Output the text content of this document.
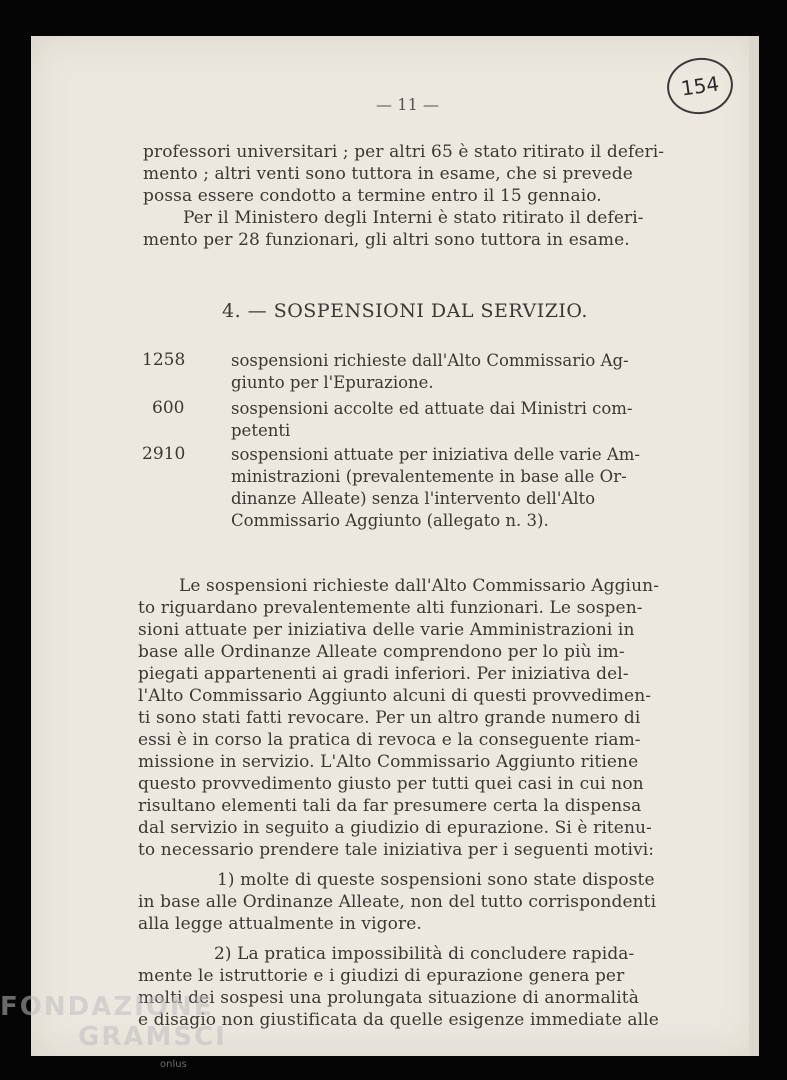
— 11 —
154
professori universitari ; per altri 65 è stato ritirato il deferi-
mento ; altri venti sono tuttora in esame, che si prevede
possa essere condotto a termine entro il 15 gennaio.
Per il Ministero degli Interni è stato ritirato il deferi-
mento per 28 funzionari, gli altri sono tuttora in esame.
4. — SOSPENSIONI DAL SERVIZIO.
1258	sospensioni richieste dall'Alto Commissario Ag- giunto per l'Epurazione.
600	sospensioni accolte ed attuate dai Ministri com- petenti
2910	sospensioni attuate per iniziativa delle varie Am- ministrazioni (prevalentemente in base alle Or- dinanze Alleate) senza l'intervento dell'Alto Commissario Aggiunto (allegato n. 3).
Le sospensioni richieste dall'Alto Commissario Aggiun-
to riguardano prevalentemente alti funzionari. Le sospen-
sioni attuate per iniziativa delle varie Amministrazioni in
base alle Ordinanze Alleate comprendono per lo più im-
piegati appartenenti ai gradi inferiori. Per iniziativa del-
l'Alto Commissario Aggiunto alcuni di questi provvedimen-
ti sono stati fatti revocare. Per un altro grande numero di
essi è in corso la pratica di revoca e la conseguente riam-
missione in servizio. L'Alto Commissario Aggiunto ritiene
questo provvedimento giusto per tutti quei casi in cui non
risultano elementi tali da far presumere certa la dispensa
dal servizio in seguito a giudizio di epurazione. Si è ritenu-
to necessario prendere tale iniziativa per i seguenti motivi:
1) molte di queste sospensioni sono state disposte
in base alle Ordinanze Alleate, non del tutto corrispondenti
alla legge attualmente in vigore.
2) La pratica impossibilità di concludere rapida-
mente le istruttorie e i giudizi di epurazione genera per
molti dei sospesi una prolungata situazione di anormalità
e disagio non giustificata da quelle esigenze immediate alle
FONDAZIONE
GRAMSCI
onlus
